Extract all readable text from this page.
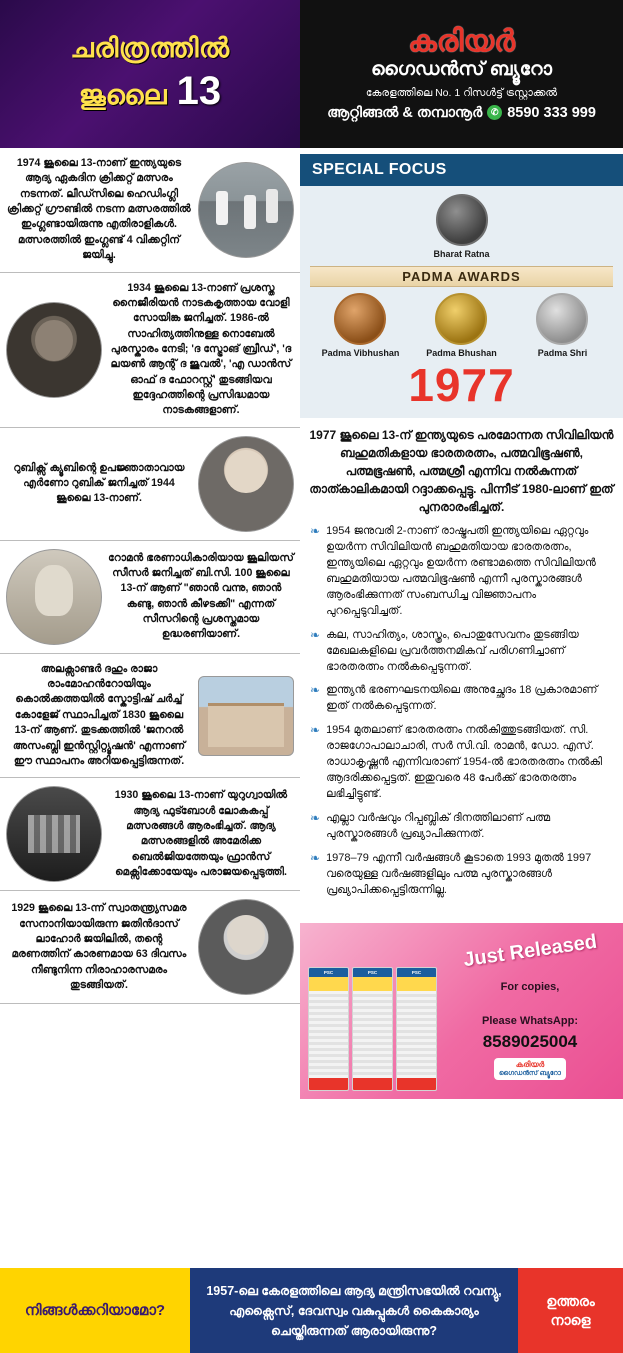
ചരിത്രത്തിൽ
ജൂലൈ 13
കരിയർ
ഗൈഡൻസ് ബ്യൂറോ
കേരളത്തിലെ No. 1 റിസൾട്ട് ട്രസ്റ്റാക്കൽ
ആറ്റിങ്ങൽ & തമ്പാനൂർ ✆ 8590 333 999
1974 ജൂലൈ 13-നാണ് ഇന്ത്യയുടെ ആദ്യ ഏകദിന ക്രിക്കറ്റ് മത്സരം നടന്നത്. ലീഡ്സിലെ ഹെഡിംഗ്ലി ക്രിക്കറ്റ് ഗ്രൗണ്ടിൽ നടന്ന മത്സരത്തിൽ ഇംഗ്ലണ്ടായിരുന്നു എതിരാളികൾ. മത്സരത്തിൽ ഇംഗ്ലണ്ട് 4 വിക്കറ്റിന് ജയിച്ചു.
1934 ജൂലൈ 13-നാണ് പ്രശസ്ത നൈജീരിയൻ നാടകകൃത്തായ വോളി സോയിങ്ക ജനിച്ചത്. 1986-ൽ സാഹിത്യത്തിനുള്ള നൊബേൽ പുരസ്കാരം നേടി; 'ദ സ്ട്രോങ് ബ്രീഡ്', 'ദ ലയൺ ആന്റ് ദ ജുവൽ', 'എ ഡാൻസ് ഓഫ് ദ ഫോറസ്റ്റ്' തുടങ്ങിയവ ഇദ്ദേഹത്തിന്റെ പ്രസിദ്ധമായ നാടകങ്ങളാണ്.
റുബിക്സ് ക്യൂബിന്റെ ഉപജ്ഞാതാവായ എർണോ റുബിക് ജനിച്ചത് 1944 ജൂലൈ 13-നാണ്.
റോമൻ ഭരണാധികാരിയായ ജൂലിയസ് സീസർ ജനിച്ചത് ബി.സി. 100 ജൂലൈ 13-ന് ആണ് "ഞാൻ വന്നു, ഞാൻ കണ്ടു, ഞാൻ കീഴടക്കി" എന്നത് സീസറിന്റെ പ്രശസ്തമായ ഉദ്ധരണിയാണ്.
അലക്സാണ്ടർ ദഹും രാജാ രാംമോഹൻറോയിയും കൊൽക്കത്തയിൽ സ്കോട്ടിഷ് ചർച്ച് കോളേജ് സ്ഥാപിച്ചത് 1830 ജൂലൈ 13-ന് ആണ്. തുടക്കത്തിൽ 'ജനറൽ അസംബ്ലി ഇൻസ്റ്റിറ്റ്യൂഷൻ' എന്നാണ് ഈ സ്ഥാപനം അറിയപ്പെട്ടിരുന്നത്.
1930 ജൂലൈ 13-നാണ് യുറുഗ്വായിൽ ആദ്യ ഫുട്ബോൾ ലോകകപ്പ് മത്സരങ്ങൾ ആരംഭിച്ചത്. ആദ്യ മത്സരങ്ങളിൽ അമേരിക്ക ബെൽജിയത്തേയും ഫ്രാൻസ് മെക്സിക്കോയേയും പരാജയപ്പെടുത്തി.
1929 ജൂലൈ 13-ന്ന് സ്വാതന്ത്ര്യസമര സേനാനിയായിരുന്ന ജതിൻദാസ് ലാഹോർ ജയിലിൽ, തന്റെ മരണത്തിന് കാരണമായ 63 ദിവസം നീണ്ടുനിന്ന നിരാഹാരസമരം തുടങ്ങിയത്.
SPECIAL FOCUS
Bharat Ratna
PADMA AWARDS
Padma Vibhushan	Padma Bhushan	Padma Shri
1977
1977 ജൂലൈ 13-ന് ഇന്ത്യയുടെ പരമോന്നത സിവിലിയൻ ബഹുമതികളായ ഭാരതരത്നം, പത്മവിഭൂഷൺ, പത്മഭൂഷൺ, പത്മശ്രീ എന്നിവ നൽകുന്നത് താത്കാലികമായി റദ്ദാക്കപ്പെട്ടു. പിന്നീട് 1980-ലാണ് ഇത് പുനരാരംഭിച്ചത്.
❧ 1954 ജനുവരി 2-നാണ് രാഷ്ട്രപതി ഇന്ത്യയിലെ ഏറ്റവും ഉയർന്ന സിവിലിയൻ ബഹുമതിയായ ഭാരതരത്നം, ഇന്ത്യയിലെ ഏറ്റവും ഉയർന്ന രണ്ടാമത്തെ സിവിലിയൻ ബഹുമതിയായ പത്മവിഭൂഷൺ എന്നീ പുരസ്കാരങ്ങൾ ആരംഭിക്കുന്നത് സംബന്ധിച്ച വിജ്ഞാപനം പുറപ്പെടുവിച്ചത്.
❧ കല, സാഹിത്യം, ശാസ്ത്രം, പൊതുസേവനം തുടങ്ങിയ മേഖലകളിലെ പ്രവർത്തനമികവ് പരിഗണിച്ചാണ് ഭാരതരത്നം നൽകപ്പെടുന്നത്.
❧ ഇന്ത്യൻ ഭരണഘടനയിലെ അനുച്ഛേദം 18 പ്രകാരമാണ് ഇത് നൽകപ്പെടുന്നത്.
❧ 1954 മുതലാണ് ഭാരതരത്നം നൽകിത്തുടങ്ങിയത്. സി. രാജഗോപാലാചാരി, സർ സി.വി. രാമൻ, ഡോ. എസ്. രാധാകൃഷ്ണൻ എന്നിവരാണ് 1954-ൽ ഭാരതരത്നം നൽകി ആദരിക്കപ്പെട്ടത്. ഇതുവരെ 48 പേർക്ക് ഭാരതരത്നം ലഭിച്ചിട്ടുണ്ട്.
❧ എല്ലാ വർഷവും റിപ്പബ്ലിക് ദിനത്തിലാണ് പത്മ പുരസ്കാരങ്ങൾ പ്രഖ്യാപിക്കുന്നത്.
❧ 1978–79 എന്നീ വർഷങ്ങൾ കൂടാതെ 1993 മുതൽ 1997 വരെയുള്ള വർഷങ്ങളിലും പത്മ പുരസ്കാരങ്ങൾ പ്രഖ്യാപിക്കപ്പെട്ടിരുന്നില്ല.
PSC	PSC	PSC
Just Released
For copies,
Please WhatsApp:
8589025004
കരിയർ
ഗൈഡൻസ് ബ്യൂറോ
നിങ്ങൾക്കറിയാമോ?
1957-ലെ കേരളത്തിലെ ആദ്യ മന്ത്രിസഭയിൽ റവന്യു, എക്സൈസ്, ദേവസ്വം വകുപ്പുകൾ കൈകാര്യം ചെയ്തിരുന്നത് ആരായിരുന്നു?
ഉത്തരം
നാളെ
